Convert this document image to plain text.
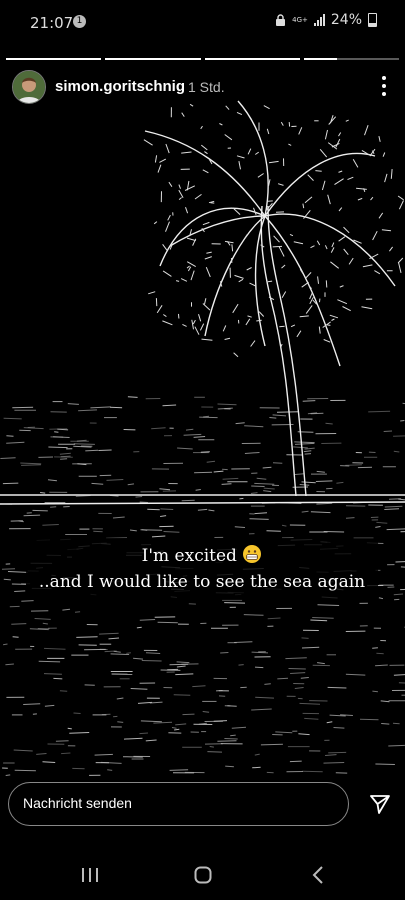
21:07 1	4G+ 24%
simon.goritschnig 1 Std.
I'm excited
..and I would like to see the sea again
Nachricht senden
